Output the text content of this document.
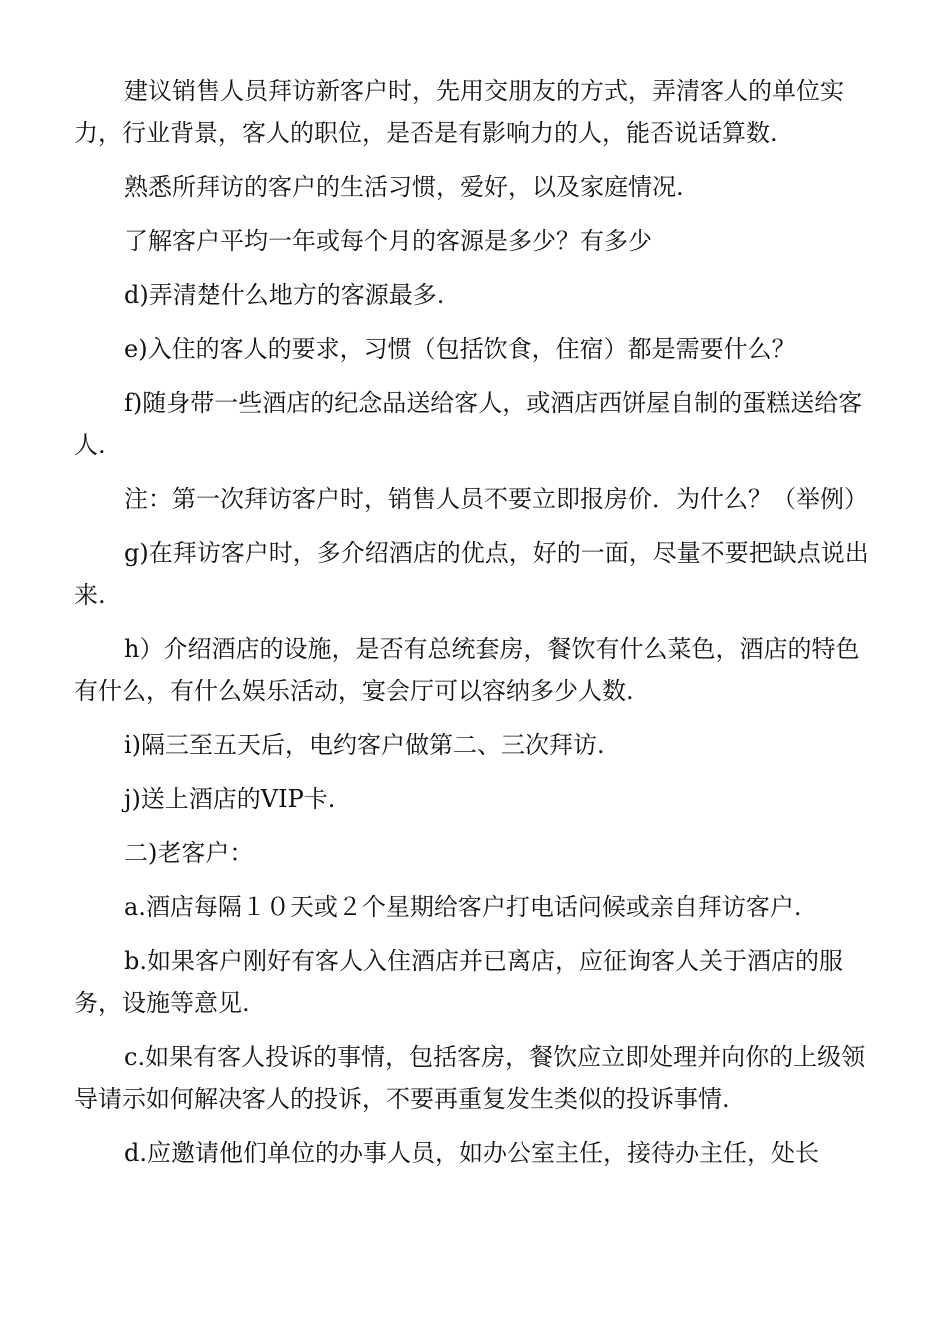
建议销售人员拜访新客户时，先用交朋友的方式，弄清客人的单位实力，行业背景，客人的职位，是否是有影响力的人，能否说话算数.

熟悉所拜访的客户的生活习惯，爱好，以及家庭情况.

了解客户平均一年或每个月的客源是多少？有多少

d)弄清楚什么地方的客源最多.

e)入住的客人的要求，习惯（包括饮食，住宿）都是需要什么？

f)随身带一些酒店的纪念品送给客人，或酒店西饼屋自制的蛋糕送给客人.

注：第一次拜访客户时，销售人员不要立即报房价．为什么？（举例）

g)在拜访客户时，多介绍酒店的优点，好的一面，尽量不要把缺点说出来.

h）介绍酒店的设施，是否有总统套房，餐饮有什么菜色，酒店的特色有什么，有什么娱乐活动，宴会厅可以容纳多少人数.

i)隔三至五天后，电约客户做第二、三次拜访.

j)送上酒店的VIP卡.

二)老客户：

a.酒店每隔１０天或２个星期给客户打电话问候或亲自拜访客户.

b.如果客户刚好有客人入住酒店并已离店，应征询客人关于酒店的服务，设施等意见.

c.如果有客人投诉的事情，包括客房，餐饮应立即处理并向你的上级领导请示如何解决客人的投诉，不要再重复发生类似的投诉事情.

d.应邀请他们单位的办事人员，如办公室主任，接待办主任，处长
